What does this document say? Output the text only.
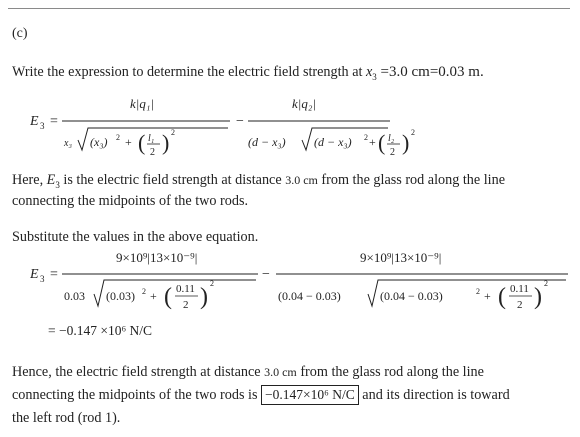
(c)
Write the expression to determine the electric field strength at $x_3 =3.0$ cm=0.03 m.
E 3 =
k|q₁|
x₃ (x₃) 2 + ( l₁
2 ) 2
−
k|q₂|
(d − x₃) (d − x₃) 2 + ( l₂
2 ) 2
Here, $E_3$ is the electric field strength at distance 3.0 cm from the glass rod along the line
connecting the midpoints of the two rods.
Substitute the values in the above equation.
E 3 =
9×10⁹|13×10⁻⁹|
0.03 (0.03) 2 + ( 0.11
2 )
2
−
9×10⁹|13×10⁻⁹|
(0.04 − 0.03)	(0.04 − 0.03)	2 + ( 0.11
2 )
2
= −0.147 ×10⁶ N/C
Hence, the electric field strength at distance 3.0 cm from the glass rod along the line
connecting the midpoints of the two rods is −0.147×10⁶ N/C and its direction is toward
the left rod (rod 1).
